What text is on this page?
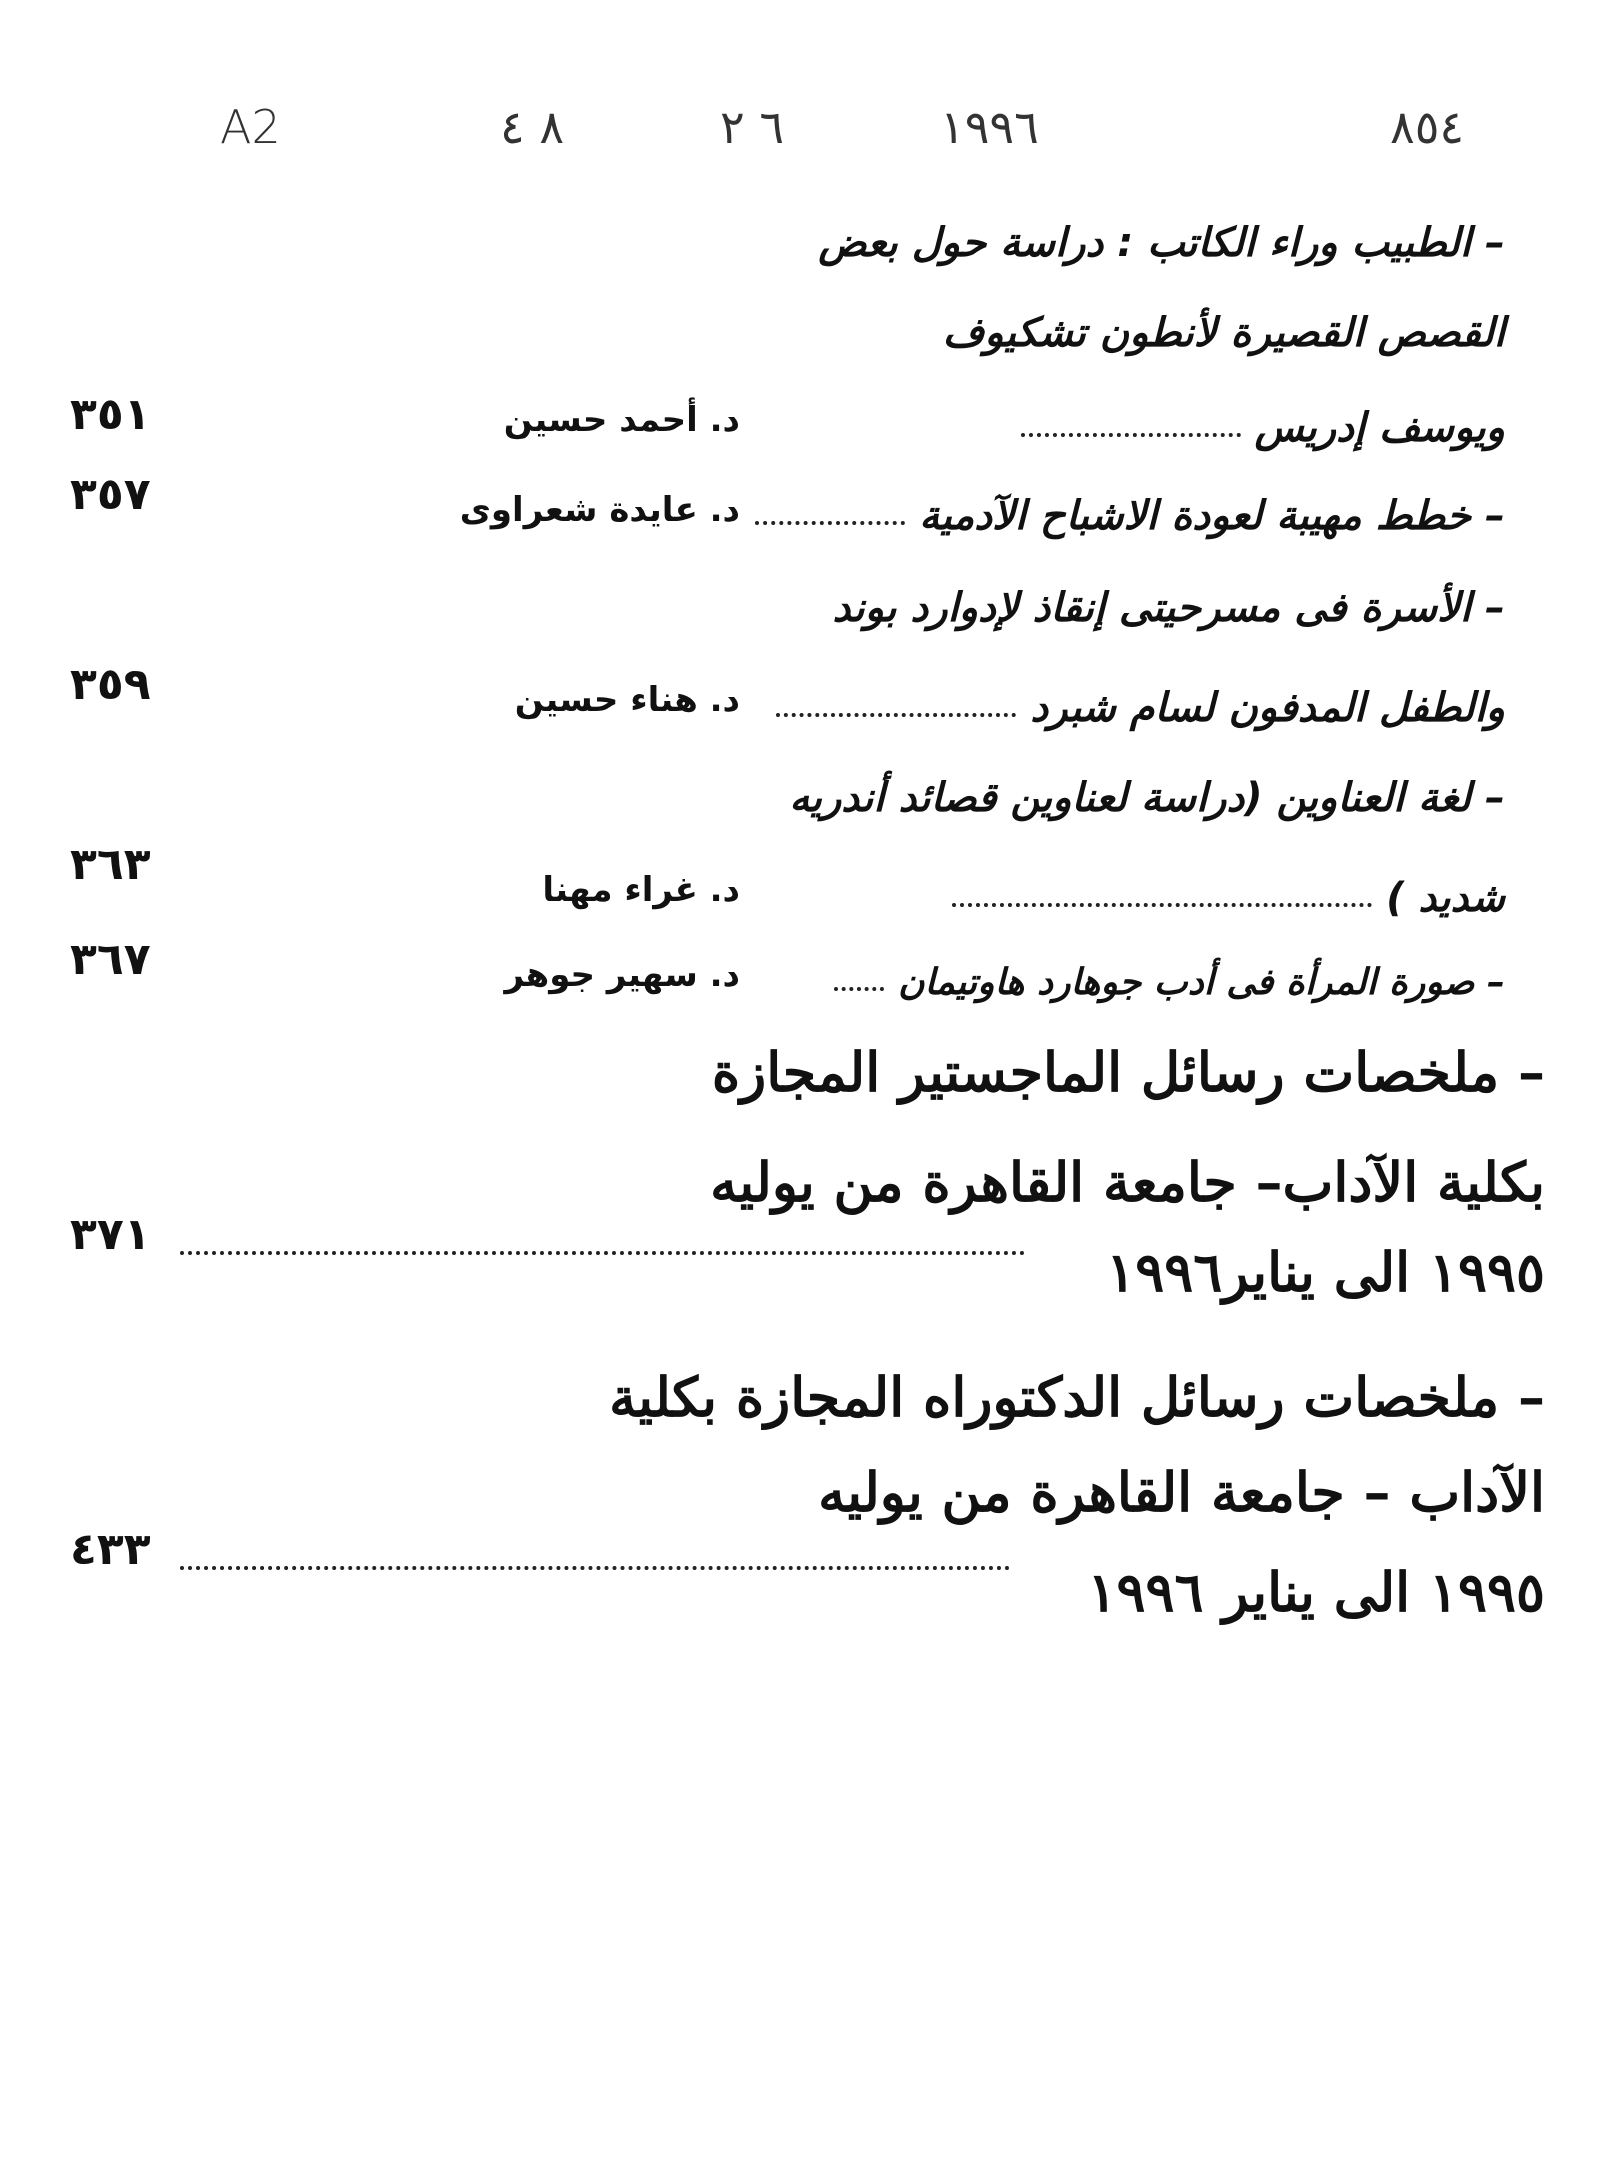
A2	٨ ٤	٦ ٢	١٩٩٦	٨٥٤
– الطبيب وراء الكاتب : دراسة حول بعض
القصص القصيرة لأنطون تشكيوف
ويوسف إدريس
د. أحمد حسين
٣٥١
– خطط مهيبة لعودة الاشباح الآدمية
د. عايدة شعراوى
٣٥٧
– الأسرة فى مسرحيتى إنقاذ لإدوارد بوند
والطفل المدفون لسام شبرد
د. هناء حسين
٣٥٩
– لغة العناوين (دراسة لعناوين قصائد أندريه
شديد )
د. غراء مهنا
٣٦٣
– صورة المرأة فى أدب جوهارد هاوتيمان
د. سهير جوهر
٣٦٧
– ملخصات رسائل الماجستير المجازة
بكلية الآداب– جامعة القاهرة من يوليه
١٩٩٥ الى يناير١٩٩٦
٣٧١
– ملخصات رسائل الدكتوراه المجازة بكلية
الآداب – جامعة القاهرة من يوليه
١٩٩٥ الى يناير ١٩٩٦
٤٣٣
